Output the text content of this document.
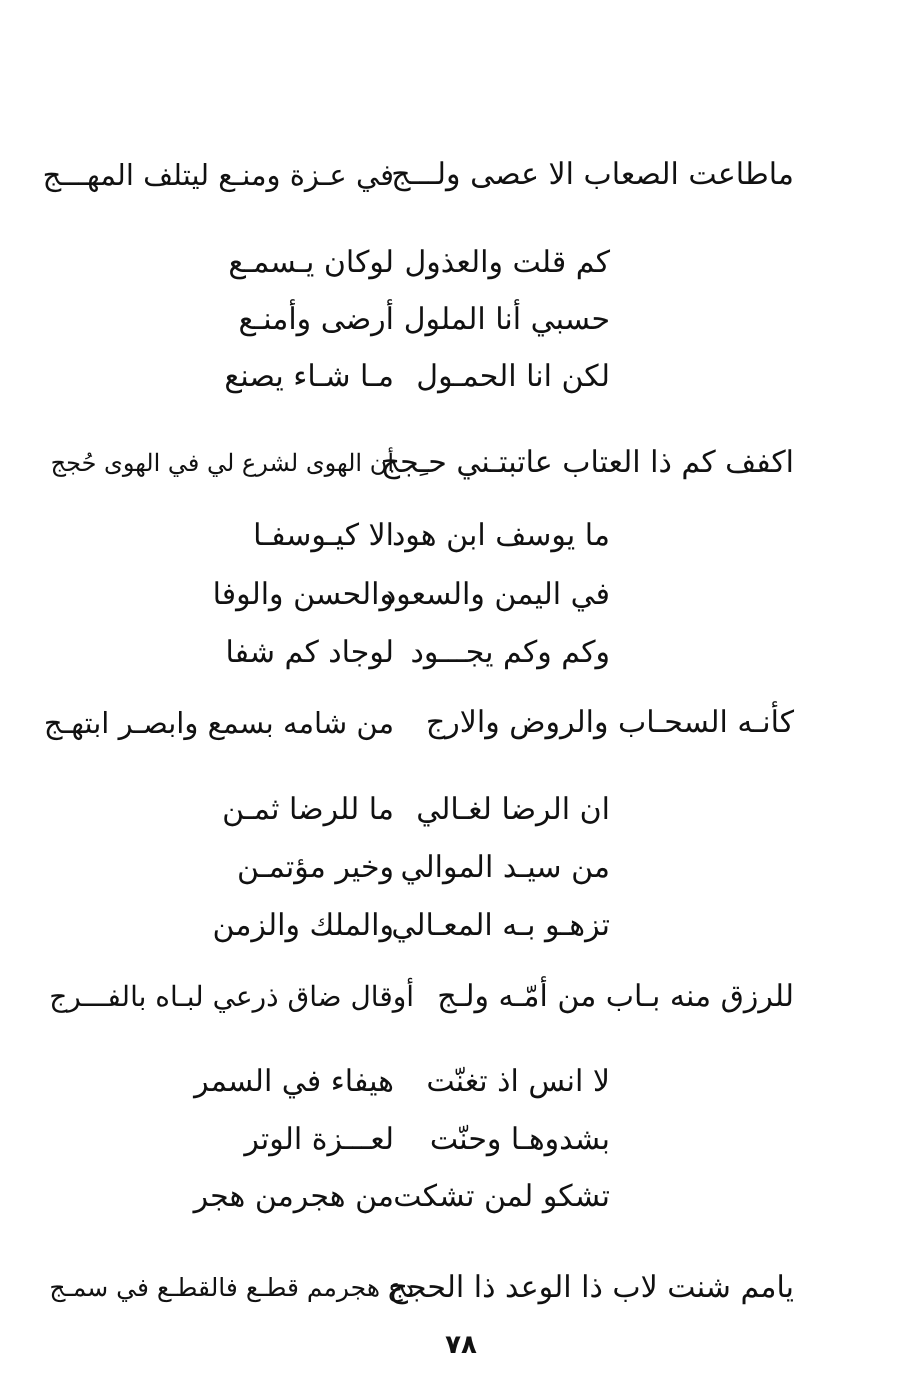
ماطاعت الصعاب الا عصى ولـــج
في عـزة ومنـع ليتلف المهـــج
كم قلت والعذول
لوكان يـسمـع
حسبي أنا الملول
أرضى وأمنـع
لكن انا الحمـول
مـا شـاء يصنع
اكفف كم ذا العتاب عاتبتـني حـِجج
أن الهوى لشرع لي في الهوى حُجج
ما يوسف ابن هود
الا كيـوسفـا
في اليمن والسعود
والحسن والوفا
وكم وكم يجـــود
لوجاد كم شفا
كأنـه السحـاب والروض والارج
من شامه بسمع وابصـر ابتهـج
ان الرضا لغـالي
ما للرضا ثمـن
من سيـد الموالي
وخير مؤتمـن
تزهـو بـه المعـالي
والملك والزمن
للرزق منه بـاب من أمّـه ولـج
أوقال ضاق ذرعي لبـاه بالفـــرج
لا انس اذ تغنّت
هيفاء في السمر
بشدوهـا وحنّت
لعـــزة الوتر
تشكو لمن تشكت
من هجرمن هجر
يامم شنت لاب ذا الوعد ذا الحجج
دع هجرمم قطـع فالقطـع في سمـج
٧٨
